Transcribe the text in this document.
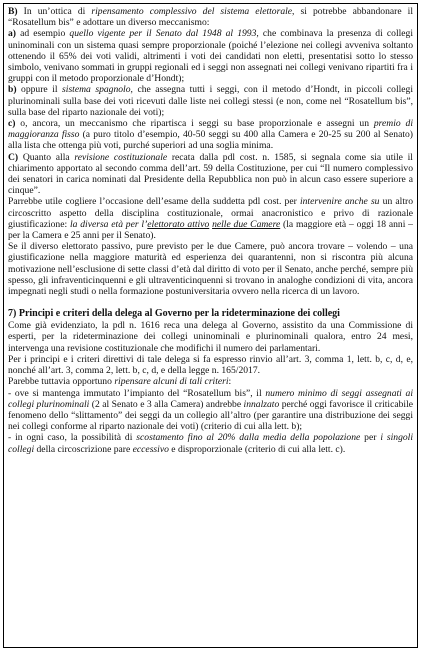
B) In un’ottica di ripensamento complessivo del sistema elettorale, si potrebbe abbandonare il “Rosatellum bis” e adottare un diverso meccanismo:

a) ad esempio quello vigente per il Senato dal 1948 al 1993, che combinava la presenza di collegi uninominali con un sistema quasi sempre proporzionale (poiché l’elezione nei collegi avveniva soltanto ottenendo il 65% dei voti validi, altrimenti i voti dei candidati non eletti, presentatisi sotto lo stesso simbolo, venivano sommati in gruppi regionali ed i seggi non assegnati nei collegi venivano ripartiti fra i gruppi con il metodo proporzionale d’Hondt);

b) oppure il sistema spagnolo, che assegna tutti i seggi, con il metodo d’Hondt, in piccoli collegi plurinominali sulla base dei voti ricevuti dalle liste nei collegi stessi (e non, come nel “Rosatellum bis”, sulla base del riparto nazionale dei voti);

c) o, ancora, un meccanismo che ripartisca i seggi su base proporzionale e assegni un premio di maggioranza fisso (a puro titolo d’esempio, 40-50 seggi su 400 alla Camera e 20-25 su 200 al Senato) alla lista che ottenga più voti, purché superiori ad una soglia minima.

C) Quanto alla revisione costituzionale recata dalla pdl cost. n. 1585, si segnala come sia utile il chiarimento apportato al secondo comma dell’art. 59 della Costituzione, per cui “Il numero complessivo dei senatori in carica nominati dal Presidente della Repubblica non può in alcun caso essere superiore a cinque”.

Parrebbe utile cogliere l’occasione dell’esame della suddetta pdl cost. per intervenire anche su un altro circoscritto aspetto della disciplina costituzionale, ormai anacronistico e privo di razionale giustificazione: la diversa età per l’elettorato attivo nelle due Camere (la maggiore età – oggi 18 anni – per la Camera e 25 anni per il Senato).

Se il diverso elettorato passivo, pure previsto per le due Camere, può ancora trovare – volendo – una giustificazione nella maggiore maturità ed esperienza dei quarantenni, non si riscontra più alcuna motivazione nell’esclusione di sette classi d’età dal diritto di voto per il Senato, anche perché, sempre più spesso, gli infraventicinquenni e gli ultraventicinquenni si trovano in analoghe condizioni di vita, ancora impegnati negli studi o nella formazione postuniversitaria ovvero nella ricerca di un lavoro.

7) Principi e criteri della delega al Governo per la rideterminazione dei collegi

Come già evidenziato, la pdl n. 1616 reca una delega al Governo, assistito da una Commissione di esperti, per la rideterminazione dei collegi uninominali e plurinominali qualora, entro 24 mesi, intervenga una revisione costituzionale che modifichi il numero dei parlamentari.

Per i principi e i criteri direttivi di tale delega si fa espresso rinvio all’art. 3, comma 1, lett. b, c, d, e, nonché all’art. 3, comma 2, lett. b, c, d, e della legge n. 165/2017.

Parebbe tuttavia opportuno ripensare alcuni di tali criteri:

- ove si mantenga immutato l’impianto del “Rosatellum bis”, il numero minimo di seggi assegnati ai collegi plurinominali (2 al Senato e 3 alla Camera) andrebbe innalzato perché oggi favorisce il criticabile fenomeno dello “slittamento” dei seggi da un collegio all’altro (per garantire una distribuzione dei seggi nei collegi conforme al riparto nazionale dei voti) (criterio di cui alla lett. b);

- in ogni caso, la possibilità di scostamento fino al 20% dalla media della popolazione per i singoli collegi della circoscrizione pare eccessivo e disproporzionale (criterio di cui alla lett. c).
